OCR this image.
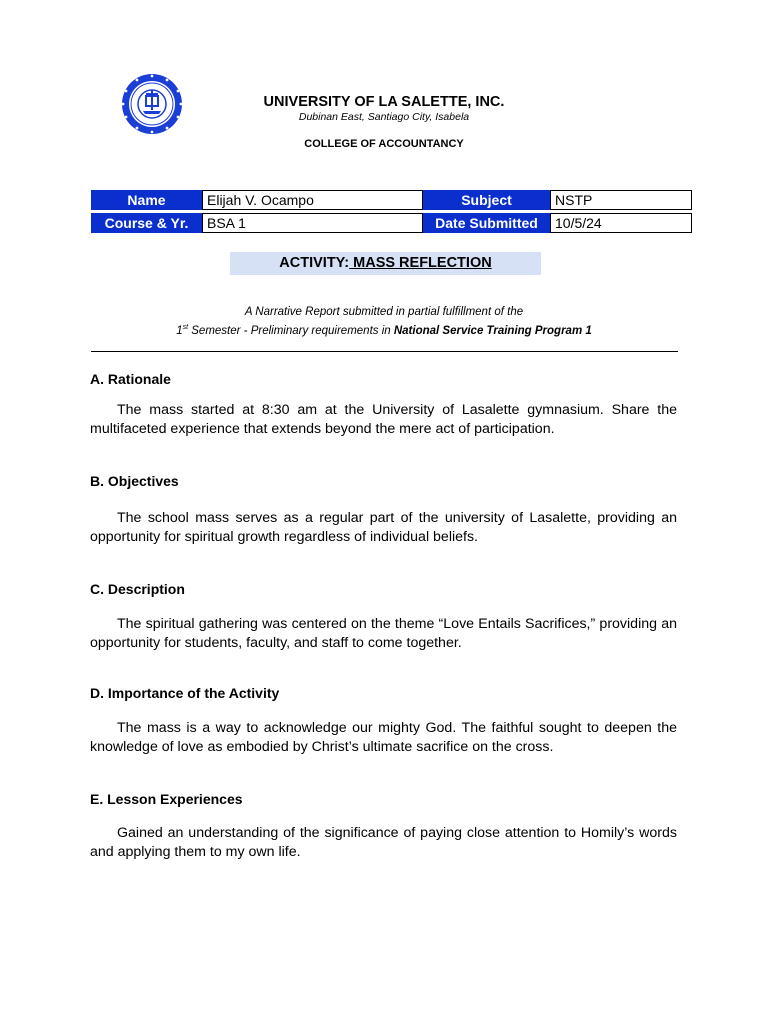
UNIVERSITY OF LA SALETTE, INC.
Dubinan East, Santiago City, Isabela
COLLEGE OF ACCOUNTANCY
Name	Elijah V. Ocampo	Subject	NSTP
Course & Yr.	BSA 1	Date Submitted	10/5/24
ACTIVITY: MASS REFLECTION
A Narrative Report submitted in partial fulfillment of the
1st Semester - Preliminary requirements in National Service Training Program 1
A. Rationale

The mass started at 8:30 am at the University of Lasalette gymnasium. Share the multifaceted experience that extends beyond the mere act of participation.

B. Objectives

The school mass serves as a regular part of the university of Lasalette, providing an opportunity for spiritual growth regardless of individual beliefs.

C. Description

The spiritual gathering was centered on the theme “Love Entails Sacrifices,” providing an opportunity for students, faculty, and staff to come together.

D. Importance of the Activity

The mass is a way to acknowledge our mighty God. The faithful sought to deepen the knowledge of love as embodied by Christ’s ultimate sacrifice on the cross.

E. Lesson Experiences

Gained an understanding of the significance of paying close attention to Homily’s words and applying them to my own life.
